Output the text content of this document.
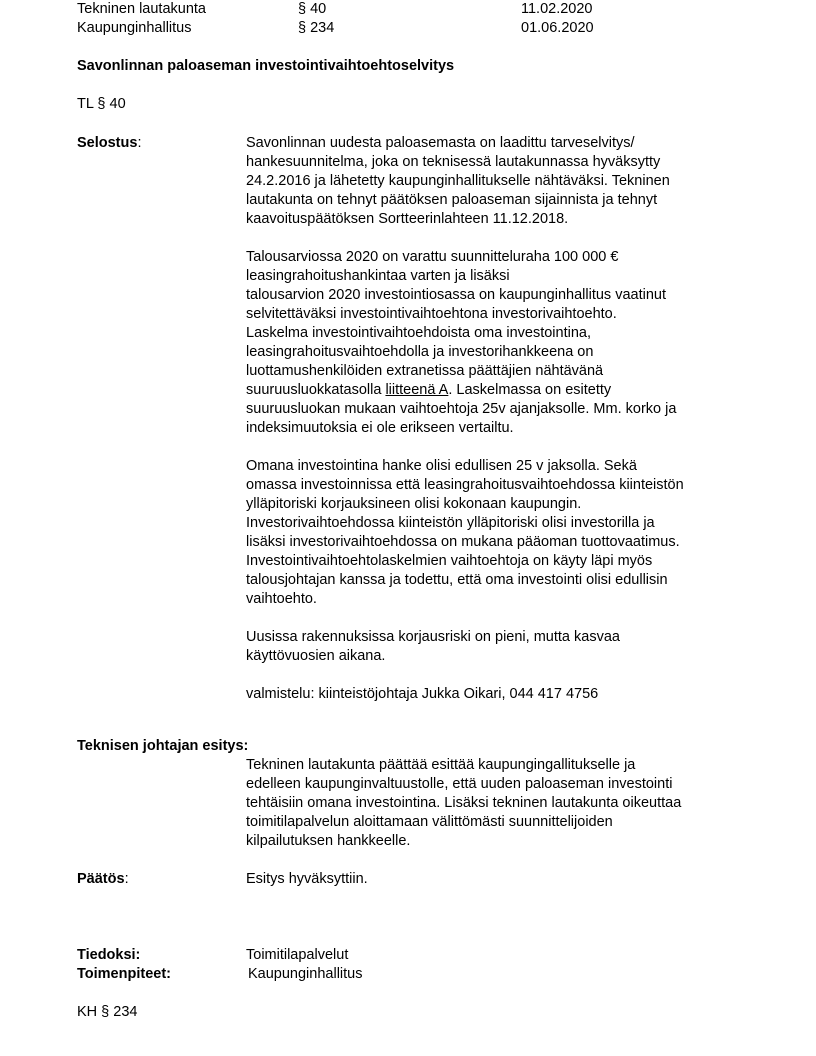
Tekninen lautakunta	§ 40	11.02.2020
Kaupunginhallitus	§ 234	01.06.2020
Savonlinnan paloaseman investointivaihtoehtoselvitys
TL § 40
Selostus:	Savonlinnan uudesta paloasemasta on laadittu tarveselvitys/
hankesuunnitelma, joka on teknisessä lautakunnassa hyväksytty
24.2.2016 ja lähetetty kaupunginhallitukselle nähtäväksi. Tekninen
lautakunta on tehnyt päätöksen paloaseman sijainnista ja tehnyt
kaavoituspäätöksen Sortteerinlahteen 11.12.2018.

Talousarviossa 2020 on varattu suunnitteluraha 100 000 €
leasingrahoitushankintaa varten ja lisäksi
talousarvion 2020 investointiosassa on kaupunginhallitus vaatinut
selvitettäväksi investointivaihtoehtona investorivaihtoehto.
Laskelma investointivaihtoehdoista oma investointina,
leasingrahoitusvaihtoehdolla ja investorihankkeena on
luottamushenkilöiden extranetissa päättäjien nähtävänä
suuruusluokkatasolla liitteenä A. Laskelmassa on esitetty
suuruusluokan mukaan vaihtoehtoja 25v ajanjaksolle. Mm. korko ja
indeksimuutoksia ei ole erikseen vertailtu.

Omana investointina hanke olisi edullisen 25 v jaksolla. Sekä
omassa investoinnissa että leasingrahoitusvaihtoehdossa kiinteistön
ylläpitoriski korjauksineen olisi kokonaan kaupungin.
Investorivaihtoehdossa kiinteistön ylläpitoriski olisi investorilla ja
lisäksi investorivaihtoehdossa on mukana pääoman tuottovaatimus.
Investointivaihtoehtolaskelmien vaihtoehtoja on käyty läpi myös
talousjohtajan kanssa ja todettu, että oma investointi olisi edullisin
vaihtoehto.

Uusissa rakennuksissa korjausriski on pieni, mutta kasvaa
käyttövuosien aikana.

valmistelu: kiinteistöjohtaja Jukka Oikari, 044 417 4756

Teknisen johtajan esitys:

Tekninen lautakunta päättää esittää kaupungingallitukselle ja
edelleen kaupunginvaltuustolle, että uuden paloaseman investointi
tehtäisiin omana investointina. Lisäksi tekninen lautakunta oikeuttaa
toimitilapalvelun aloittamaan välittömästi suunnittelijoiden
kilpailutuksen hankkeelle.

Päätös:	Esitys hyväksyttiin.
Tiedoksi:	Toimitilapalvelut
Toimenpiteet:	Kaupunginhallitus
KH § 234
